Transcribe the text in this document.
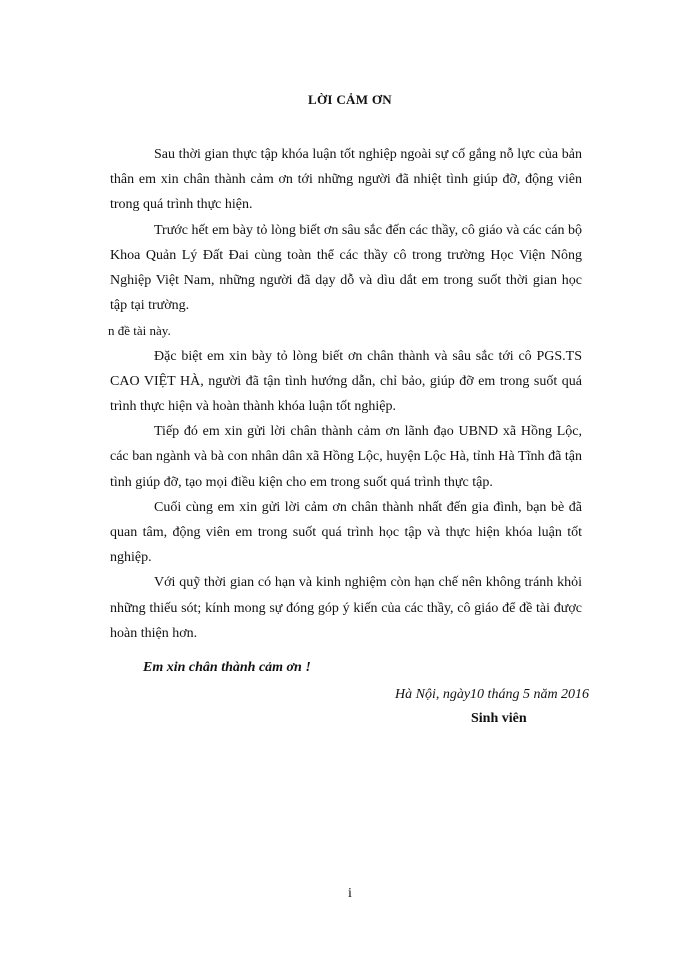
LỜI CẢM ƠN

Sau thời gian thực tập khóa luận tốt nghiệp ngoài sự cố gắng nỗ lực của bản thân em xin chân thành cảm ơn tới những người đã nhiệt tình giúp đỡ, động viên trong quá trình thực hiện.

Trước hết em bày tỏ lòng biết ơn sâu sắc đến các thầy, cô giáo và các cán bộ Khoa Quản Lý Đất Đai cùng toàn thể các thầy cô trong trường Học Viện Nông Nghiệp Việt Nam, những người đã dạy dỗ và dìu dắt em trong suốt thời gian học tập tại trường.

n đề tài này.

Đặc biệt em xin bày tỏ lòng biết ơn chân thành và sâu sắc tới cô PGS.TS CAO VIỆT HÀ, người đã tận tình hướng dẫn, chỉ bảo, giúp đỡ em trong suốt quá trình thực hiện và hoàn thành khóa luận tốt nghiệp.

Tiếp đó em xin gửi lời chân thành cảm ơn lãnh đạo UBND xã Hồng Lộc, các ban ngành và bà con nhân dân xã Hồng Lộc, huyện Lộc Hà, tỉnh Hà Tĩnh đã tận tình giúp đỡ, tạo mọi điều kiện cho em trong suốt quá trình thực tập.

Cuối cùng em xin gửi lời cảm ơn chân thành nhất đến gia đình, bạn bè đã quan tâm, động viên em trong suốt quá trình học tập và thực hiện khóa luận tốt nghiệp.

Với quỹ thời gian có hạn và kinh nghiệm còn hạn chế nên không tránh khỏi những thiếu sót; kính mong sự đóng góp ý kiến của các thầy, cô giáo để đề tài được hoàn thiện hơn.

Em xin chân thành cảm ơn !
Hà Nội, ngày10 tháng 5 năm 2016
Sinh viên
i
